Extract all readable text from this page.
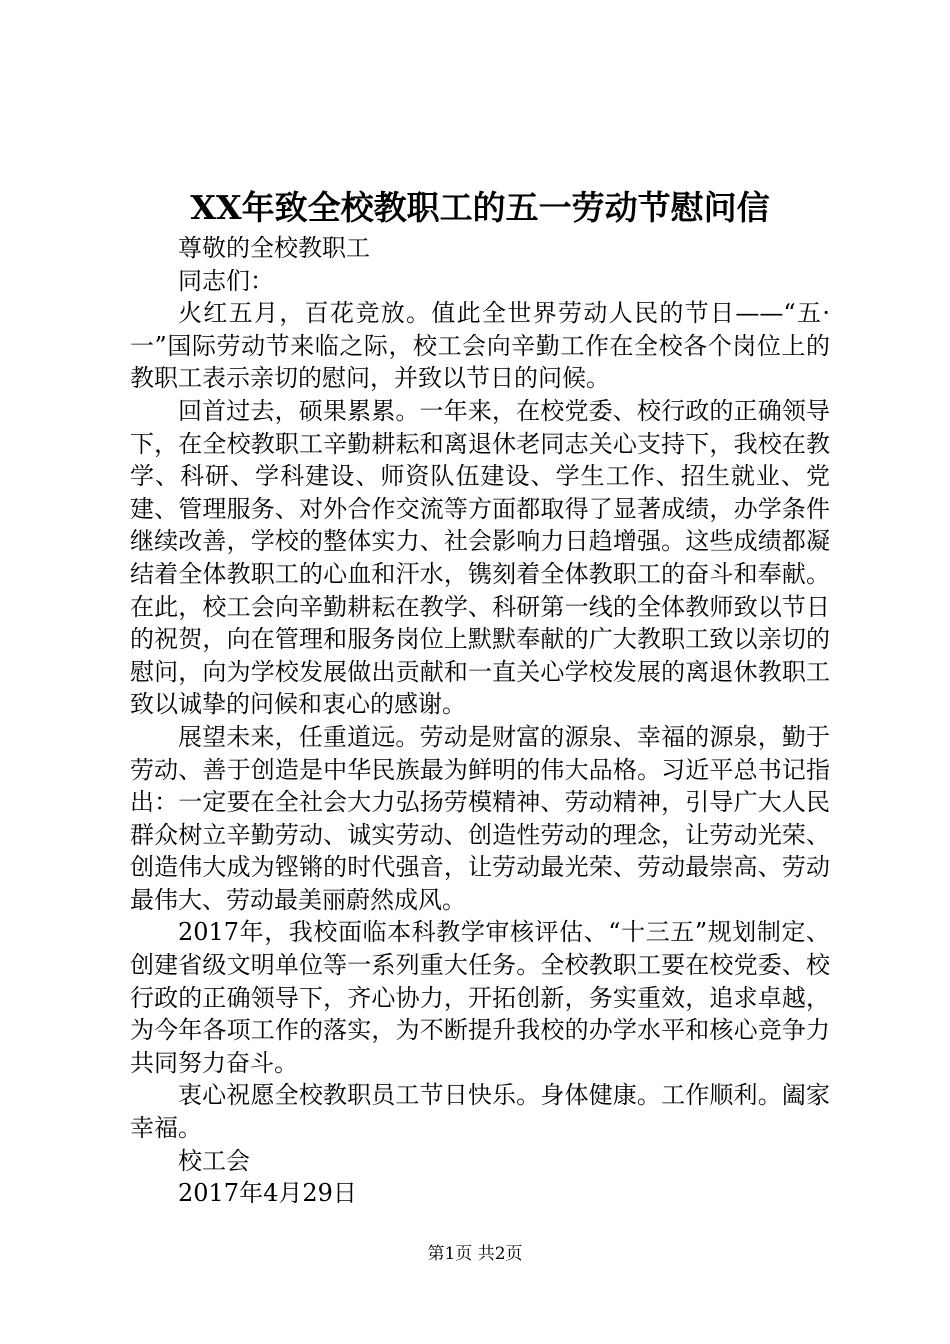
XX年致全校教职工的五一劳动节慰问信

尊敬的全校教职工

同志们：

火红五月，百花竞放。值此全世界劳动人民的节日——“五·一”国际劳动节来临之际，校工会向辛勤工作在全校各个岗位上的教职工表示亲切的慰问，并致以节日的问候。

回首过去，硕果累累。一年来，在校党委、校行政的正确领导下，在全校教职工辛勤耕耘和离退休老同志关心支持下，我校在教学、科研、学科建设、师资队伍建设、学生工作、招生就业、党建、管理服务、对外合作交流等方面都取得了显著成绩，办学条件继续改善，学校的整体实力、社会影响力日趋增强。这些成绩都凝结着全体教职工的心血和汗水，镌刻着全体教职工的奋斗和奉献。在此，校工会向辛勤耕耘在教学、科研第一线的全体教师致以节日的祝贺，向在管理和服务岗位上默默奉献的广大教职工致以亲切的慰问，向为学校发展做出贡献和一直关心学校发展的离退休教职工致以诚挚的问候和衷心的感谢。

展望未来，任重道远。劳动是财富的源泉、幸福的源泉，勤于劳动、善于创造是中华民族最为鲜明的伟大品格。习近平总书记指出：一定要在全社会大力弘扬劳模精神、劳动精神，引导广大人民群众树立辛勤劳动、诚实劳动、创造性劳动的理念，让劳动光荣、创造伟大成为铿锵的时代强音，让劳动最光荣、劳动最崇高、劳动最伟大、劳动最美丽蔚然成风。

2017年，我校面临本科教学审核评估、“十三五”规划制定、创建省级文明单位等一系列重大任务。全校教职工要在校党委、校行政的正确领导下，齐心协力，开拓创新，务实重效，追求卓越，为今年各项工作的落实，为不断提升我校的办学水平和核心竞争力共同努力奋斗。

衷心祝愿全校教职员工节日快乐。身体健康。工作顺利。阖家幸福。

校工会

2017年4月29日

第1页 共2页
